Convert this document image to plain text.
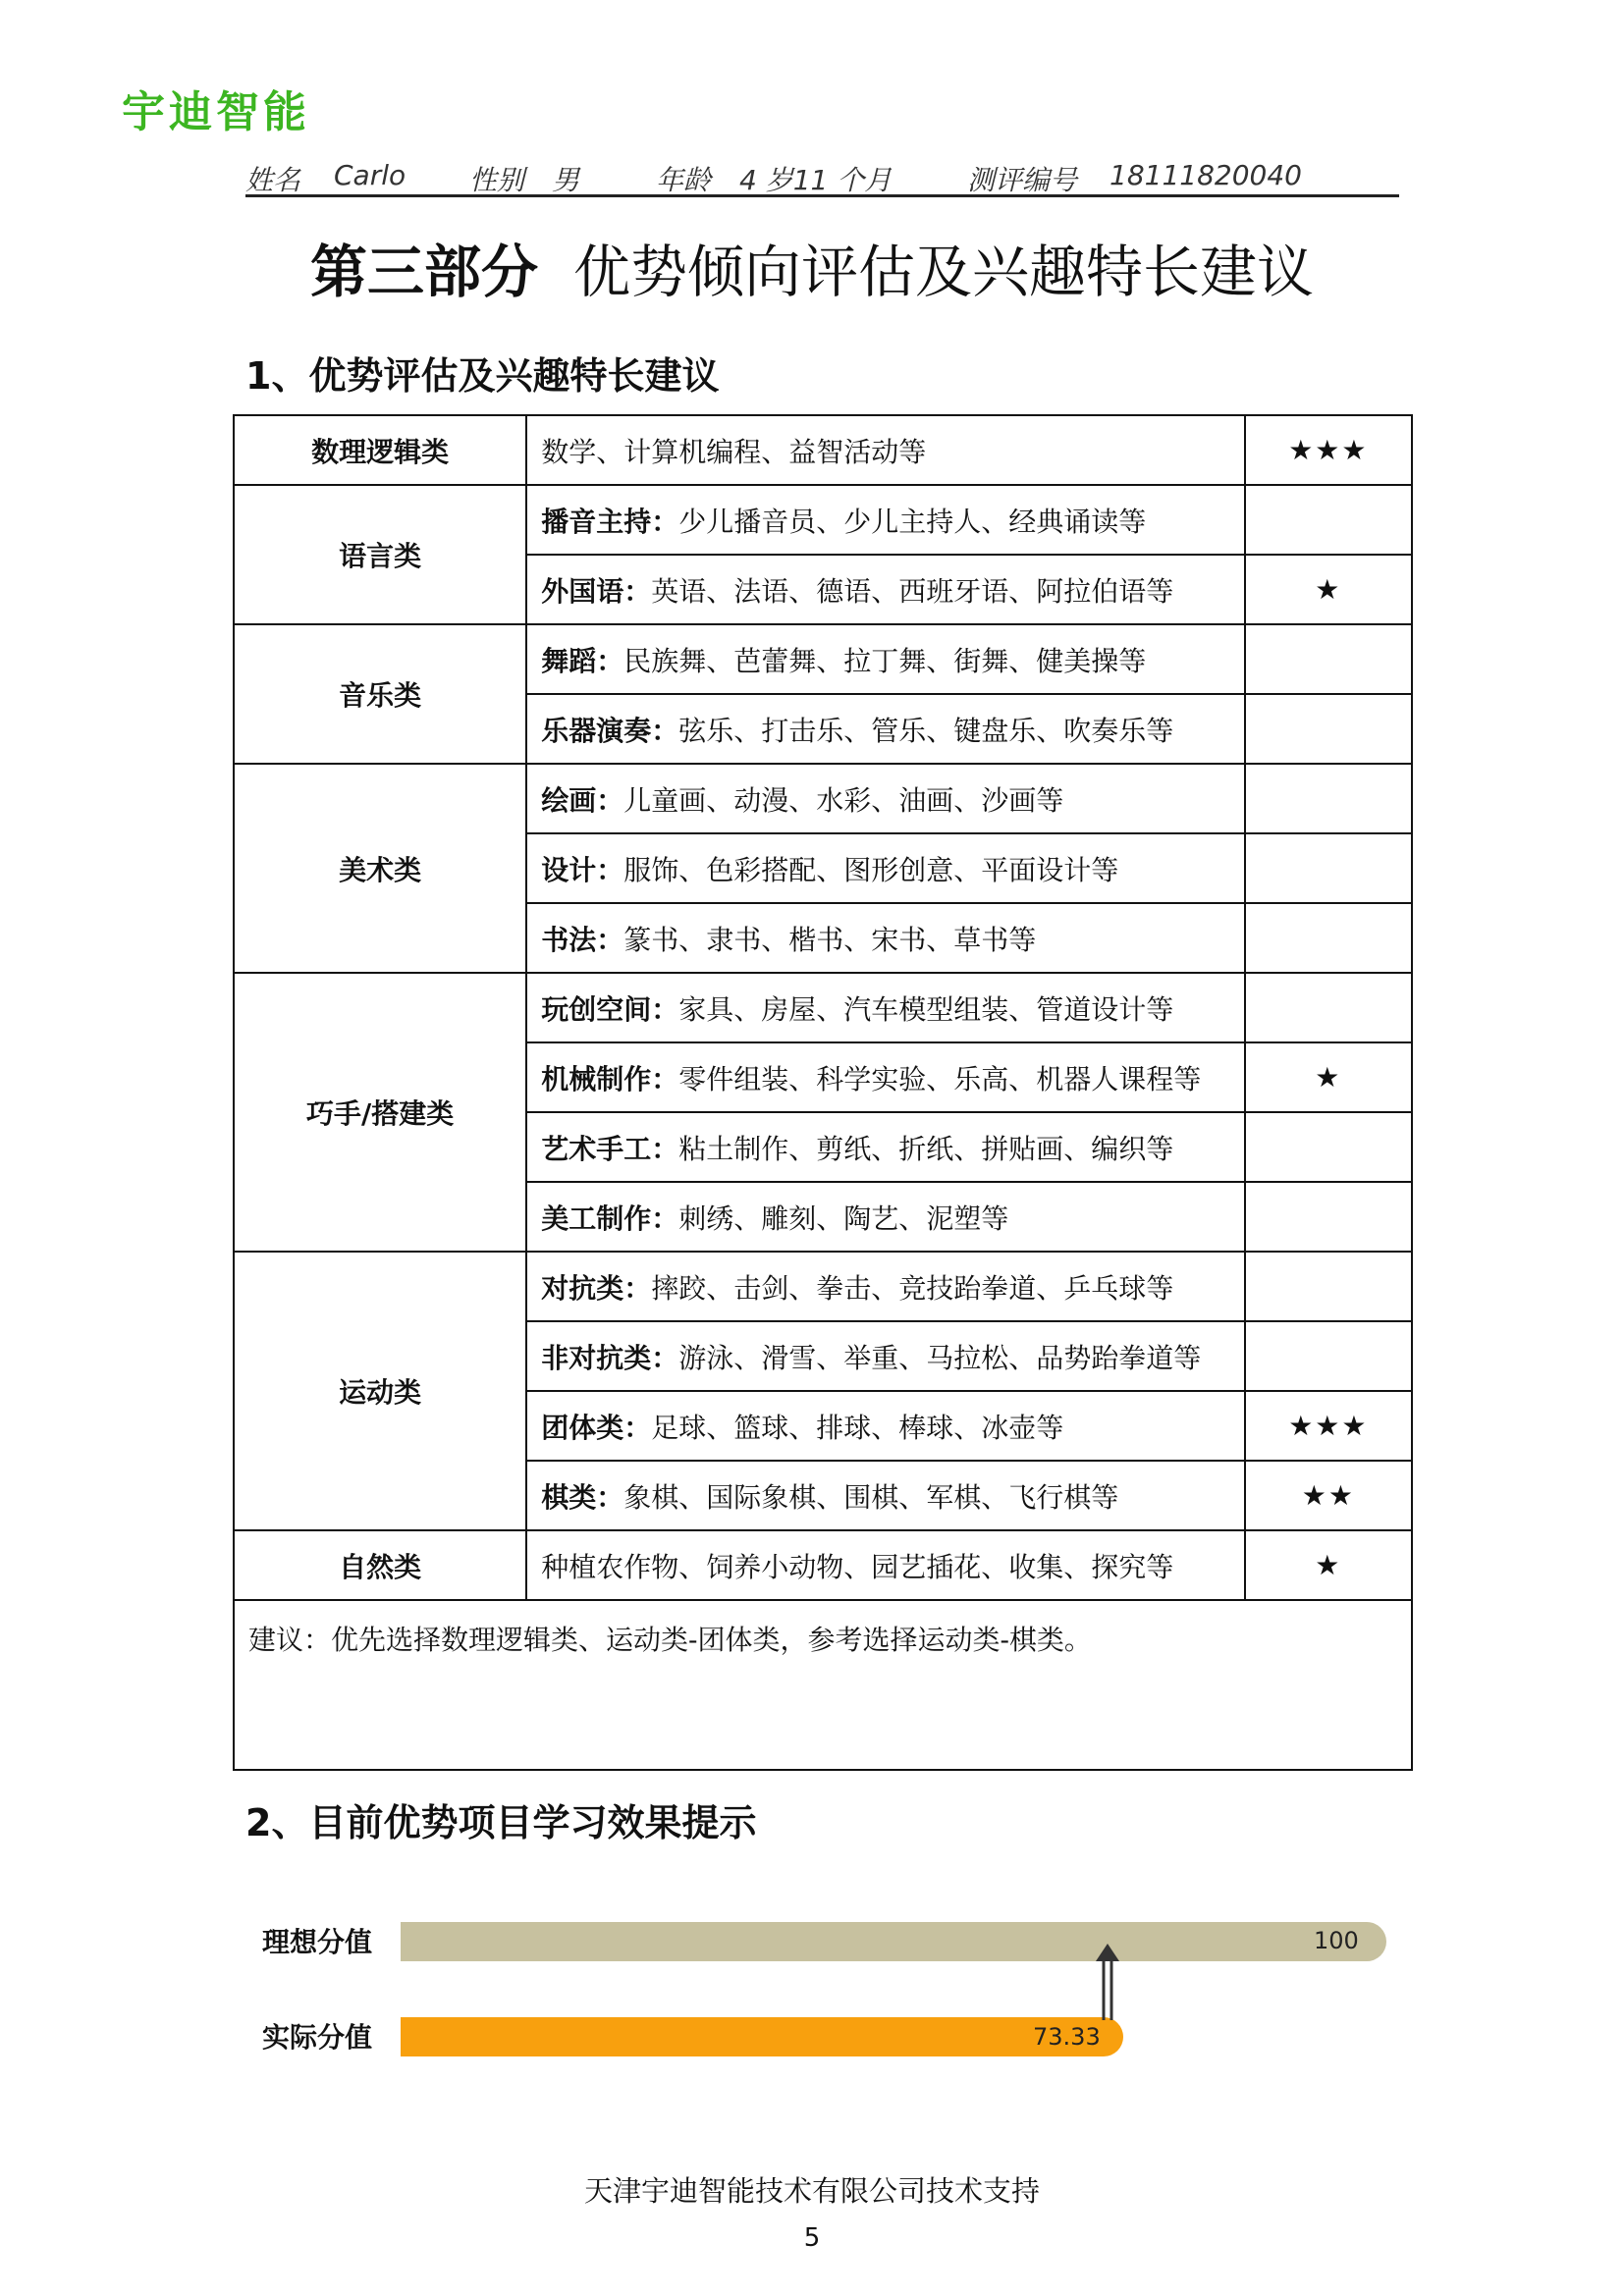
宇迪智能
姓名 Carlo 性别 男	年龄 4 岁11 个月	测评编号 18111820040
第三部分 优势倾向评估及兴趣特长建议
1、优势评估及兴趣特长建议
数理逻辑类	数学、计算机编程、益智活动等	★★★
语言类	播音主持：少儿播音员、少儿主持人、经典诵读等	
	外国语：英语、法语、德语、西班牙语、阿拉伯语等	★
音乐类	舞蹈：民族舞、芭蕾舞、拉丁舞、街舞、健美操等	
	乐器演奏：弦乐、打击乐、管乐、键盘乐、吹奏乐等	
美术类	绘画：儿童画、动漫、水彩、油画、沙画等	
	设计：服饰、色彩搭配、图形创意、平面设计等	
	书法：篆书、隶书、楷书、宋书、草书等	
巧手/搭建类	玩创空间：家具、房屋、汽车模型组装、管道设计等	
	机械制作：零件组装、科学实验、乐高、机器人课程等	★
	艺术手工：粘土制作、剪纸、折纸、拼贴画、编织等	
	美工制作：刺绣、雕刻、陶艺、泥塑等	
运动类	对抗类：摔跤、击剑、拳击、竞技跆拳道、乒乓球等	
	非对抗类：游泳、滑雪、举重、马拉松、品势跆拳道等	
	团体类：足球、篮球、排球、棒球、冰壶等	★★★
	棋类：象棋、国际象棋、围棋、军棋、飞行棋等	★★
自然类	种植农作物、饲养小动物、园艺插花、收集、探究等	★
建议：优先选择数理逻辑类、运动类-团体类，参考选择运动类-棋类。		
2、目前优势项目学习效果提示
理想分值	100
实际分值	73.33
天津宇迪智能技术有限公司技术支持
5
